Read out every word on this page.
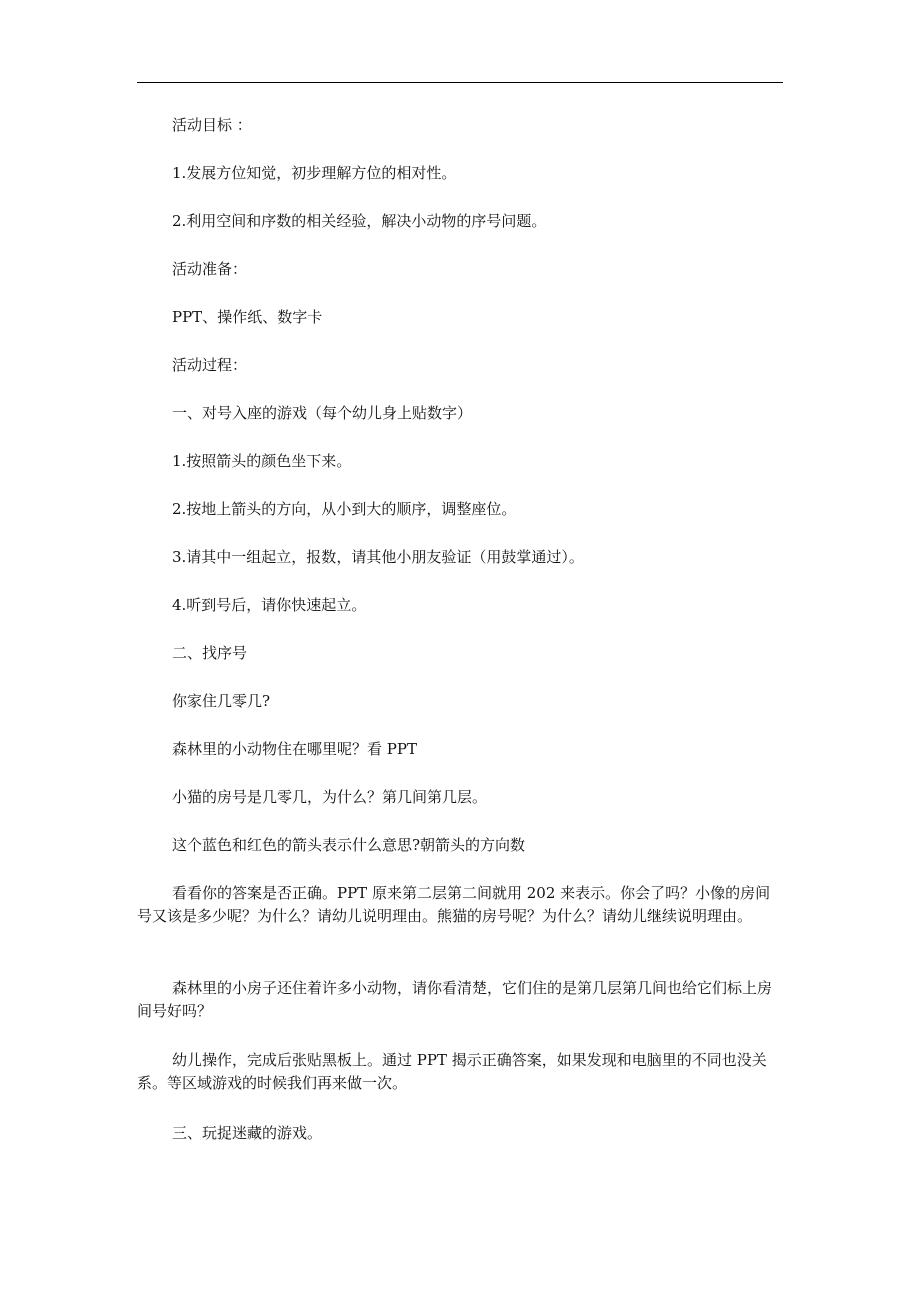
活动目标 ：

1.发展方位知觉，初步理解方位的相对性。

2.利用空间和序数的相关经验，解决小动物的序号问题。

活动准备：

PPT、操作纸、数字卡

活动过程：

一、对号入座的游戏（每个幼儿身上贴数字）

1.按照箭头的颜色坐下来。

2.按地上箭头的方向，从小到大的顺序，调整座位。

3.请其中一组起立，报数，请其他小朋友验证（用鼓掌通过）。

4.听到号后，请你快速起立。

二、找序号

你家住几零几?

森林里的小动物住在哪里呢？看 PPT

小猫的房号是几零几，为什么？第几间第几层。

这个蓝色和红色的箭头表示什么意思?朝箭头的方向数

看看你的答案是否正确。PPT 原来第二层第二间就用 202 来表示。你会了吗？小像的房间号又该是多少呢？为什么？请幼儿说明理由。熊猫的房号呢？为什么？请幼儿继续说明理由。

森林里的小房子还住着许多小动物，请你看清楚，它们住的是第几层第几间也给它们标上房间号好吗？

幼儿操作，完成后张贴黑板上。通过 PPT 揭示正确答案，如果发现和电脑里的不同也没关系。等区域游戏的时候我们再来做一次。

三、玩捉迷藏的游戏。
